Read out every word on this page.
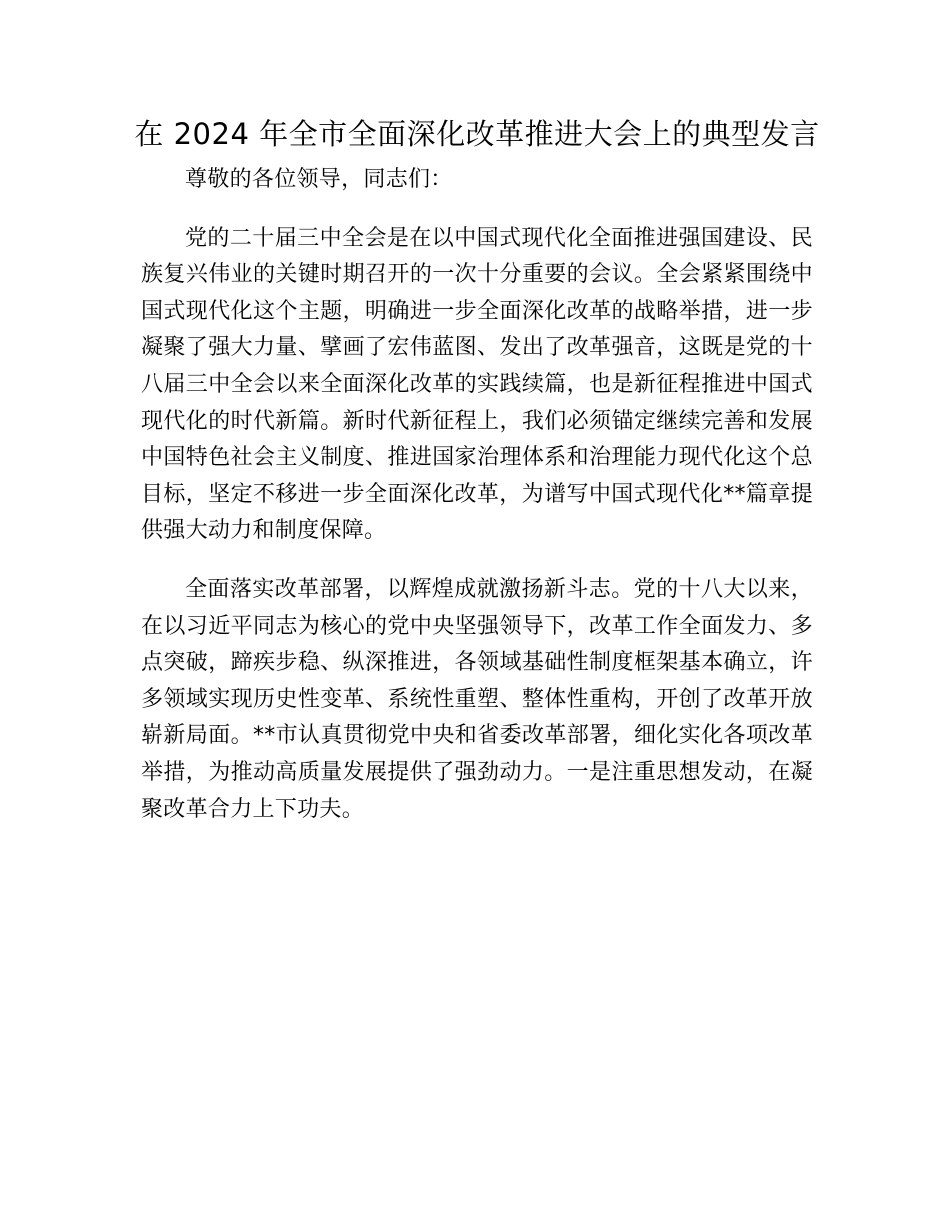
在 2024 年全市全面深化改革推进大会上的典型发言

尊敬的各位领导，同志们：

党的二十届三中全会是在以中国式现代化全面推进强国建设、民族复兴伟业的关键时期召开的一次十分重要的会议。全会紧紧围绕中国式现代化这个主题，明确进一步全面深化改革的战略举措，进一步凝聚了强大力量、擘画了宏伟蓝图、发出了改革强音，这既是党的十八届三中全会以来全面深化改革的实践续篇，也是新征程推进中国式现代化的时代新篇。新时代新征程上，我们必须锚定继续完善和发展中国特色社会主义制度、推进国家治理体系和治理能力现代化这个总目标，坚定不移进一步全面深化改革，为谱写中国式现代化**篇章提供强大动力和制度保障。

全面落实改革部署，以辉煌成就激扬新斗志。党的十八大以来，在以习近平同志为核心的党中央坚强领导下，改革工作全面发力、多点突破，蹄疾步稳、纵深推进，各领域基础性制度框架基本确立，许多领域实现历史性变革、系统性重塑、整体性重构，开创了改革开放崭新局面。**市认真贯彻党中央和省委改革部署，细化实化各项改革举措，为推动高质量发展提供了强劲动力。一是注重思想发动，在凝聚改革合力上下功夫。
